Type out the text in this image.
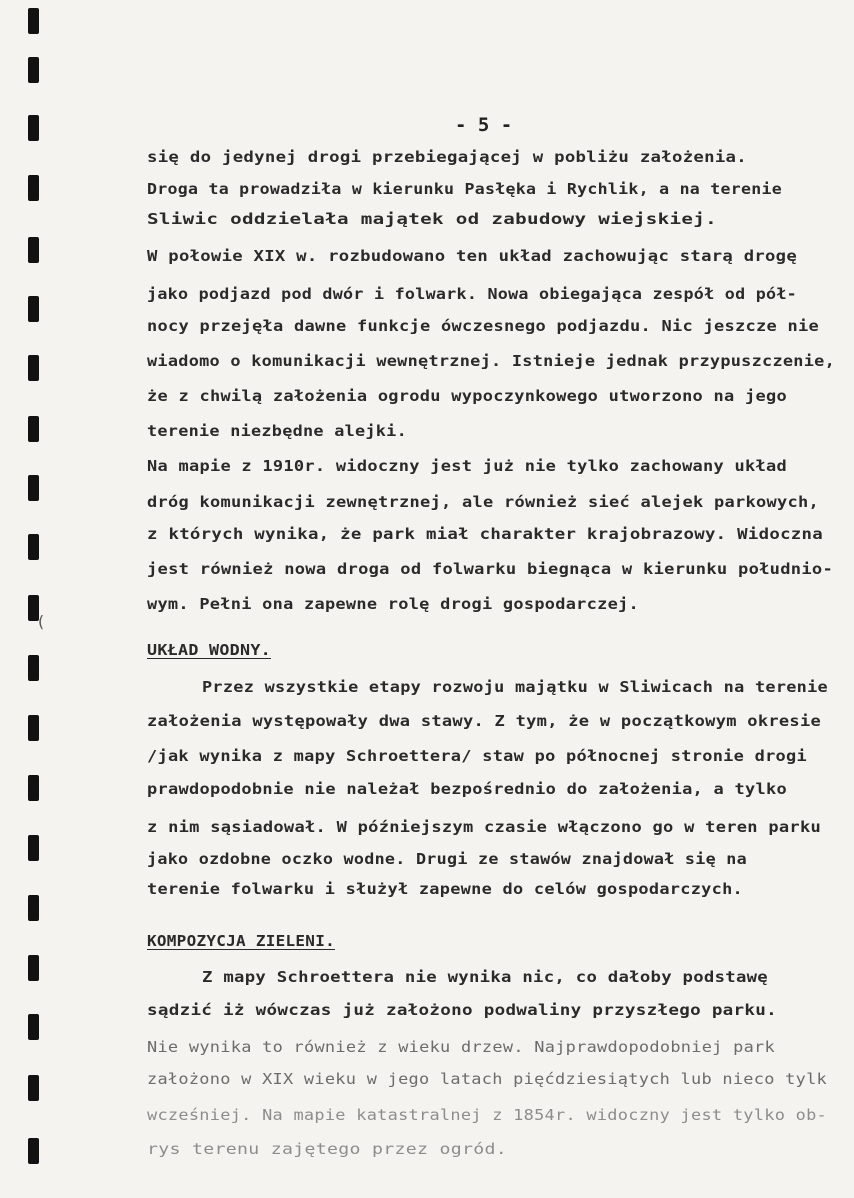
(
- 5 -
się do jedynej drogi przebiegającej w pobliżu założenia.
Droga ta prowadziła w kierunku Pasłęka i Rychlik, a na terenie
Sliwic oddzielała majątek od zabudowy wiejskiej.
W połowie XIX w. rozbudowano ten układ zachowując starą drogę
jako podjazd pod dwór i folwark. Nowa obiegająca zespół od pół-
nocy przejęła dawne funkcje ówczesnego podjazdu. Nic jeszcze nie
wiadomo o komunikacji wewnętrznej. Istnieje jednak przypuszczenie,
że z chwilą założenia ogrodu wypoczynkowego utworzono na jego
terenie niezbędne alejki.
Na mapie z 1910r. widoczny jest już nie tylko zachowany układ
dróg komunikacji zewnętrznej, ale również sieć alejek parkowych,
z których wynika, że park miał charakter krajobrazowy. Widoczna
jest również nowa droga od folwarku biegnąca w kierunku południo-
wym. Pełni ona zapewne rolę drogi gospodarczej.
UKŁAD WODNY.
Przez wszystkie etapy rozwoju majątku w Sliwicach na terenie
założenia występowały dwa stawy. Z tym, że w początkowym okresie
/jak wynika z mapy Schroettera/ staw po północnej stronie drogi
prawdopodobnie nie należał bezpośrednio do założenia, a tylko
z nim sąsiadował. W późniejszym czasie włączono go w teren parku
jako ozdobne oczko wodne. Drugi ze stawów znajdował się na
terenie folwarku i służył zapewne do celów gospodarczych.
KOMPOZYCJA ZIELENI.
Z mapy Schroettera nie wynika nic, co dałoby podstawę
sądzić iż wówczas już założono podwaliny przyszłego parku.
Nie wynika to również z wieku drzew. Najprawdopodobniej park
założono w XIX wieku w jego latach pięćdziesiątych lub nieco tylk
wcześniej. Na mapie katastralnej z 1854r. widoczny jest tylko ob-
rys terenu zajętego przez ogród.
